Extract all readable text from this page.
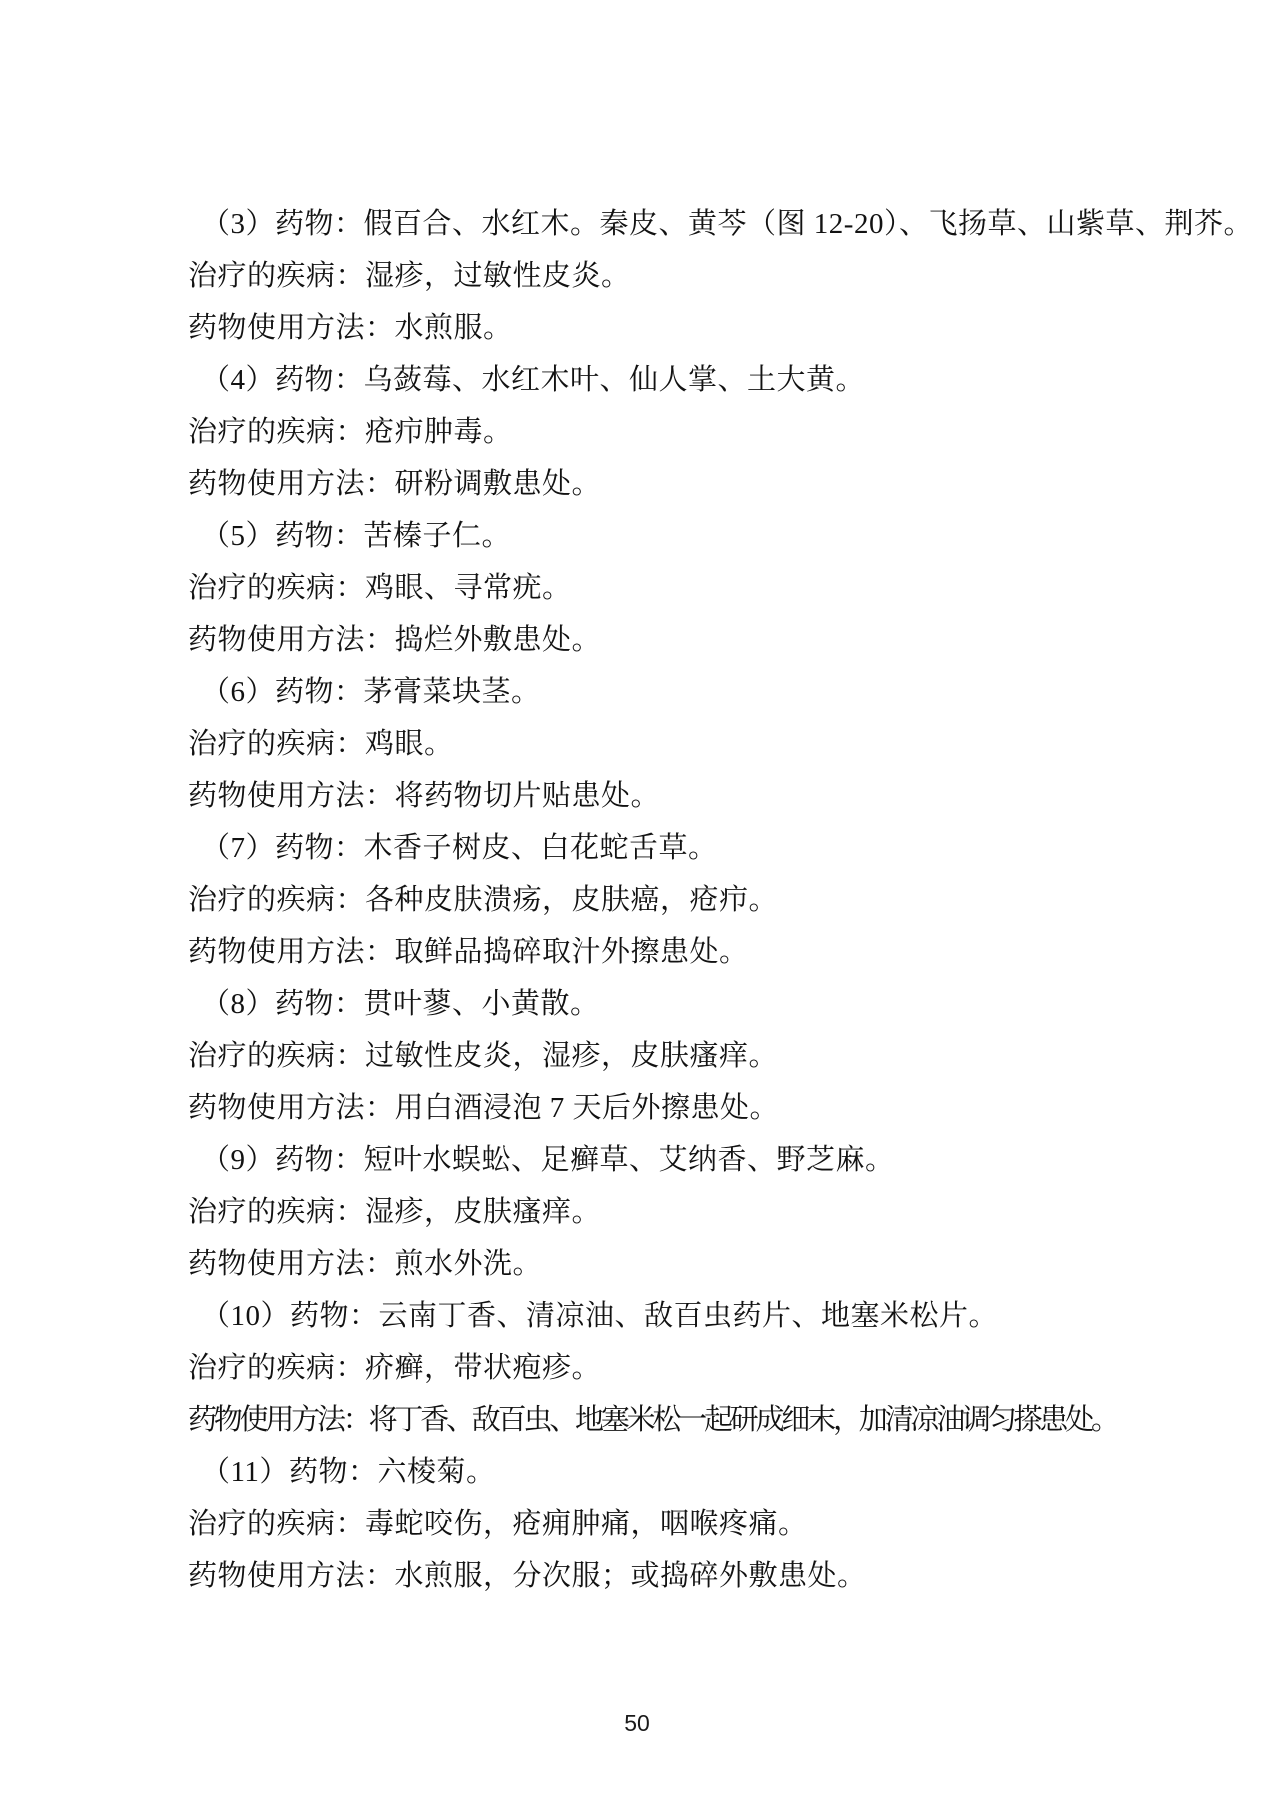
（3）药物：假百合、水红木。秦皮、黄芩（图 12-20）、飞扬草、山紫草、荆芥。

治疗的疾病：湿疹，过敏性皮炎。

药物使用方法：水煎服。

（4）药物：乌蔹莓、水红木叶、仙人掌、土大黄。

治疗的疾病：疮疖肿毒。

药物使用方法：研粉调敷患处。

（5）药物：苦榛子仁。

治疗的疾病：鸡眼、寻常疣。

药物使用方法：捣烂外敷患处。

（6）药物：茅膏菜块茎。

治疗的疾病：鸡眼。

药物使用方法：将药物切片贴患处。

（7）药物：木香子树皮、白花蛇舌草。

治疗的疾病：各种皮肤溃疡，皮肤癌，疮疖。

药物使用方法：取鲜品捣碎取汁外擦患处。

（8）药物：贯叶蓼、小黄散。

治疗的疾病：过敏性皮炎，湿疹，皮肤瘙痒。

药物使用方法：用白酒浸泡 7 天后外擦患处。

（9）药物：短叶水蜈蚣、足癣草、艾纳香、野芝麻。

治疗的疾病：湿疹，皮肤瘙痒。

药物使用方法：煎水外洗。

（10）药物：云南丁香、清凉油、敌百虫药片、地塞米松片。

治疗的疾病：疥癣，带状疱疹。

药物使用方法：将丁香、敌百虫、地塞米松一起研成细末，加清凉油调匀搽患处。

（11）药物：六棱菊。

治疗的疾病：毒蛇咬伤，疮痈肿痛，咽喉疼痛。

药物使用方法：水煎服，分次服；或捣碎外敷患处。

50
